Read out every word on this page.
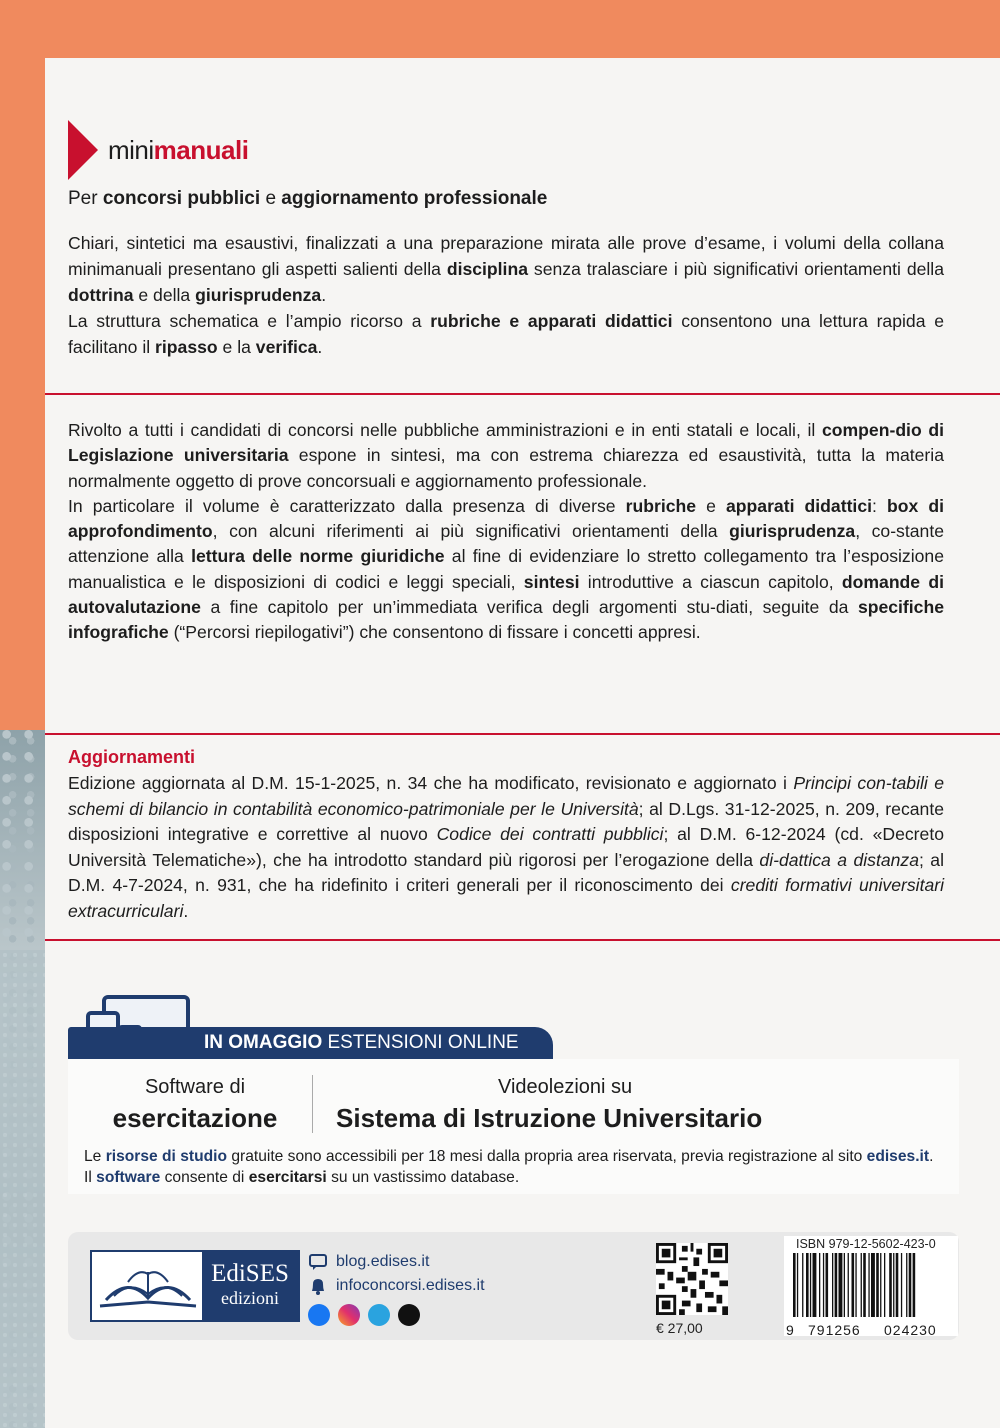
minimanuali
Per concorsi pubblici e aggiornamento professionale
Chiari, sintetici ma esaustivi, finalizzati a una preparazione mirata alle prove d’esame, i volumi della collana minimanuali presentano gli aspetti salienti della disciplina senza tralasciare i più significativi orientamenti della dottrina e della giurisprudenza.
La struttura schematica e l’ampio ricorso a rubriche e apparati didattici consentono una lettura rapida e facilitano il ripasso e la verifica.
Rivolto a tutti i candidati di concorsi nelle pubbliche amministrazioni e in enti statali e locali, il compen-dio di Legislazione universitaria espone in sintesi, ma con estrema chiarezza ed esaustività, tutta la materia normalmente oggetto di prove concorsuali e aggiornamento professionale.
In particolare il volume è caratterizzato dalla presenza di diverse rubriche e apparati didattici: box di approfondimento, con alcuni riferimenti ai più significativi orientamenti della giurisprudenza, co-stante attenzione alla lettura delle norme giuridiche al fine di evidenziare lo stretto collegamento tra l’esposizione manualistica e le disposizioni di codici e leggi speciali, sintesi introduttive a ciascun capitolo, domande di autovalutazione a fine capitolo per un’immediata verifica degli argomenti stu-diati, seguite da specifiche infografiche (“Percorsi riepilogativi”) che consentono di fissare i concetti appresi.
Aggiornamenti
Edizione aggiornata al D.M. 15-1-2025, n. 34 che ha modificato, revisionato e aggiornato i Principi con-tabili e schemi di bilancio in contabilità economico-patrimoniale per le Università; al D.Lgs. 31-12-2025, n. 209, recante disposizioni integrative e correttive al nuovo Codice dei contratti pubblici; al D.M. 6-12-2024 (cd. «Decreto Università Telematiche»), che ha introdotto standard più rigorosi per l’erogazione della di-dattica a distanza; al D.M. 4-7-2024, n. 931, che ha ridefinito i criteri generali per il riconoscimento dei crediti formativi universitari extracurriculari.
IN OMAGGIO ESTENSIONI ONLINE
Software di
esercitazione
Videolezioni su
Sistema di Istruzione Universitario
Le risorse di studio gratuite sono accessibili per 18 mesi dalla propria area riservata, previa registrazione al sito edises.it. Il software consente di esercitarsi su un vastissimo database.
EdiSES
edizioni
blog.edises.it
infoconcorsi.edises.it
€ 27,00
ISBN 979-12-5602-423-0
9 791256 024230
